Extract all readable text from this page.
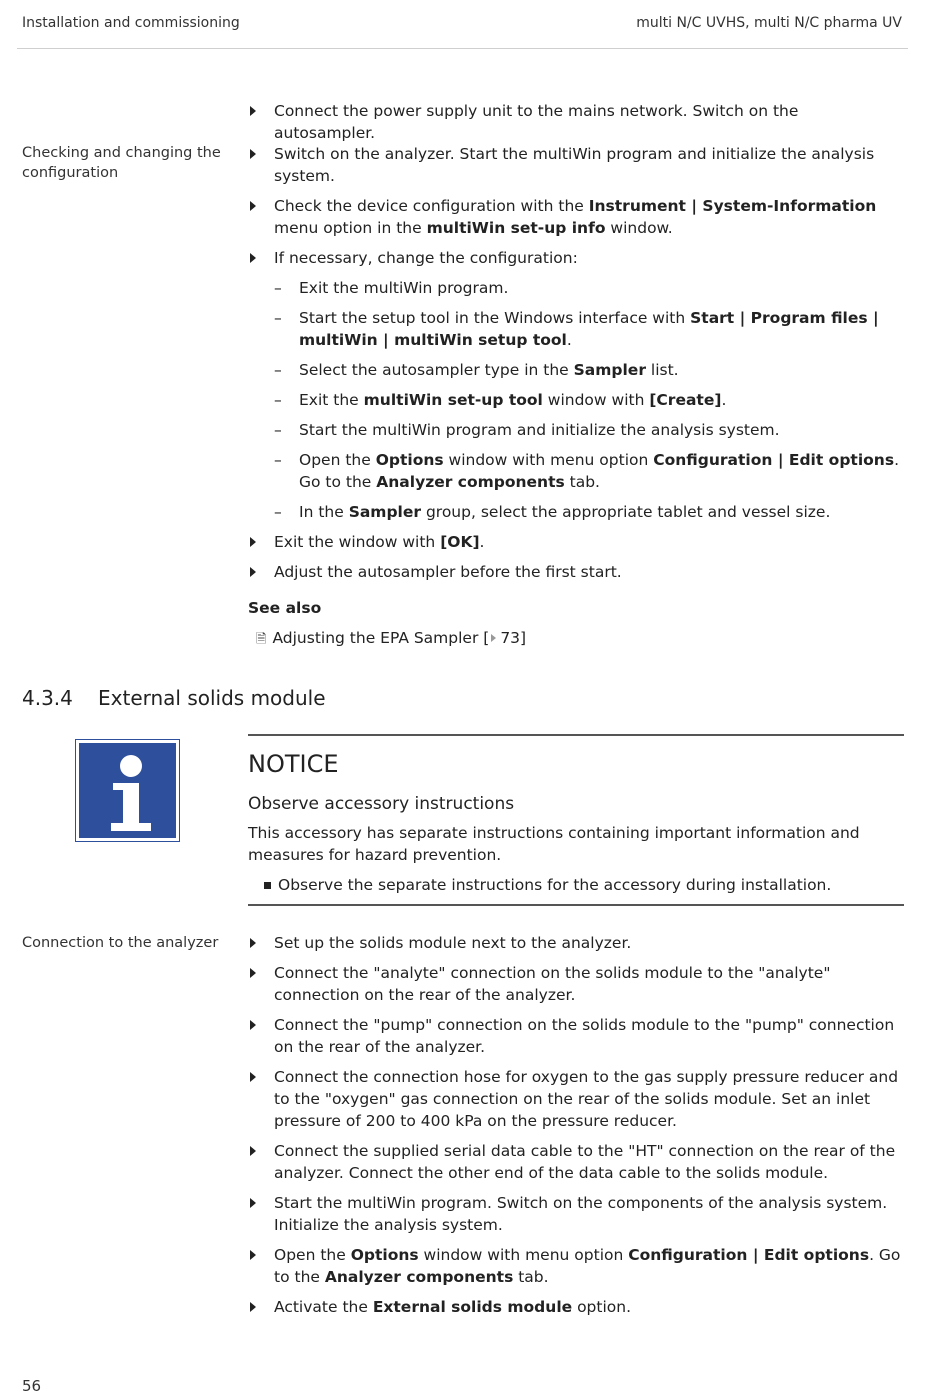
Installation and commissioning	multi N/C UVHS, multi N/C pharma UV
Connect the power supply unit to the mains network. Switch on the autosampler.
Checking and changing the configuration
Switch on the analyzer. Start the multiWin program and initialize the analysis system.
Check the device configuration with the Instrument | System-Information menu option in the multiWin set-up info window.
If necessary, change the configuration:
– Exit the multiWin program.
– Start the setup tool in the Windows interface with Start | Program files | multiWin | multiWin setup tool.
– Select the autosampler type in the Sampler list.
– Exit the multiWin set-up tool window with [Create].
– Start the multiWin program and initialize the analysis system.
– Open the Options window with menu option Configuration | Edit options. Go to the Analyzer components tab.
– In the Sampler group, select the appropriate tablet and vessel size.
Exit the window with [OK].
Adjust the autosampler before the first start.
See also
🗎 Adjusting the EPA Sampler [ 73]
4.3.4 External solids module
NOTICE
Observe accessory instructions
This accessory has separate instructions containing important information and measures for hazard prevention.
Observe the separate instructions for the accessory during installation.
Connection to the analyzer	Set up the solids module next to the analyzer.
Connect the "analyte" connection on the solids module to the "analyte" connection on the rear of the analyzer.
Connect the "pump" connection on the solids module to the "pump" connection on the rear of the analyzer.
Connect the connection hose for oxygen to the gas supply pressure reducer and to the "oxygen" gas connection on the rear of the solids module. Set an inlet pressure of 200 to 400 kPa on the pressure reducer.
Connect the supplied serial data cable to the "HT" connection on the rear of the analyzer. Connect the other end of the data cable to the solids module.
Start the multiWin program. Switch on the components of the analysis system. Initialize the analysis system.
Open the Options window with menu option Configuration | Edit options. Go to the Analyzer components tab.
Activate the External solids module option.
56
